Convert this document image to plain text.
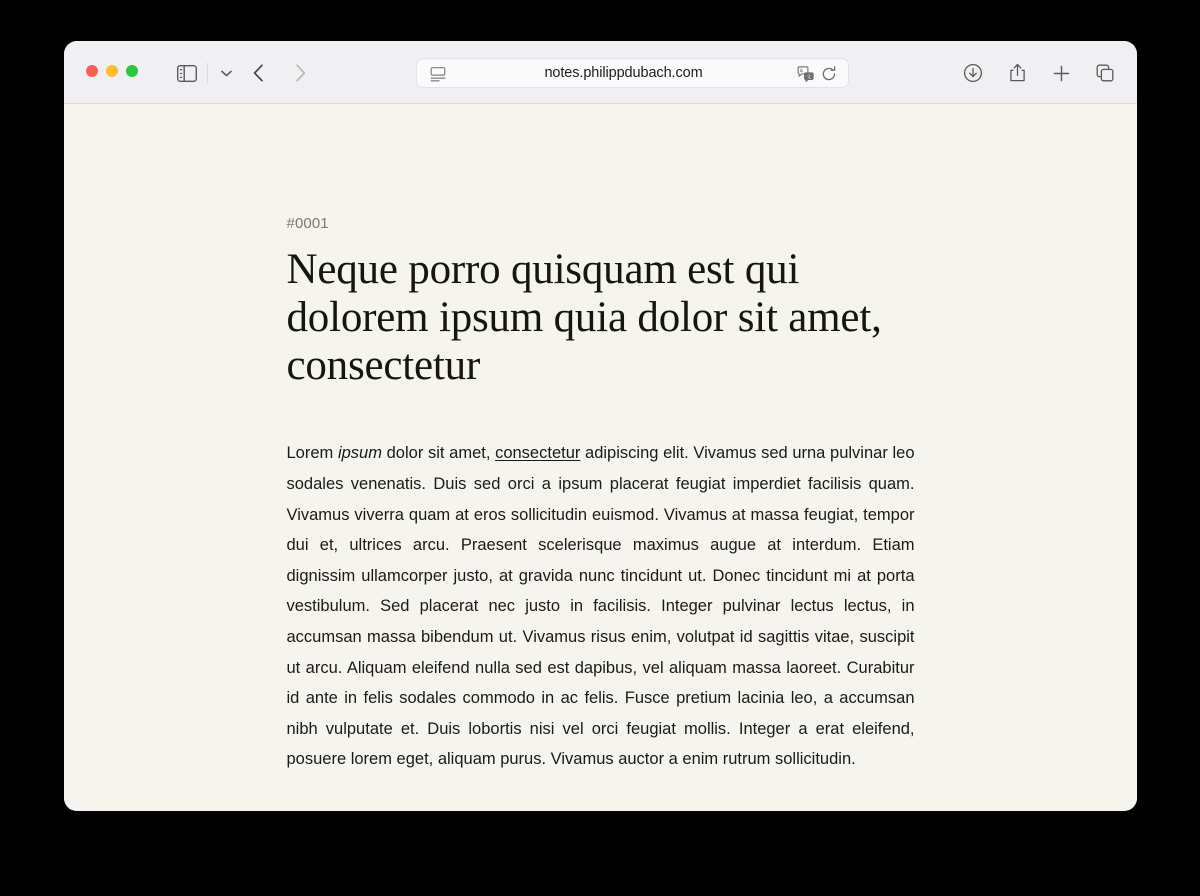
notes.philippdubach.com	A
文
#0001
Neque porro quisquam est qui dolorem ipsum quia dolor sit amet, consectetur

Lorem ipsum dolor sit amet, consectetur adipiscing elit. Vivamus sed urna pulvinar leo sodales venenatis. Duis sed orci a ipsum placerat feugiat imperdiet facilisis quam. Vivamus viverra quam at eros sollicitudin euismod. Vivamus at massa feugiat, tempor dui et, ultrices arcu. Praesent scelerisque maximus augue at interdum. Etiam dignissim ullamcorper justo, at gravida nunc tincidunt ut. Donec tincidunt mi at porta vestibulum. Sed placerat nec justo in facilisis. Integer pulvinar lectus lectus, in accumsan massa bibendum ut. Vivamus risus enim, volutpat id sagittis vitae, suscipit ut arcu. Aliquam eleifend nulla sed est dapibus, vel aliquam massa laoreet. Curabitur id ante in felis sodales commodo in ac felis. Fusce pretium lacinia leo, a accumsan nibh vulputate et. Duis lobortis nisi vel orci feugiat mollis. Integer a erat eleifend, posuere lorem eget, aliquam purus. Vivamus auctor a enim rutrum sollicitudin.
